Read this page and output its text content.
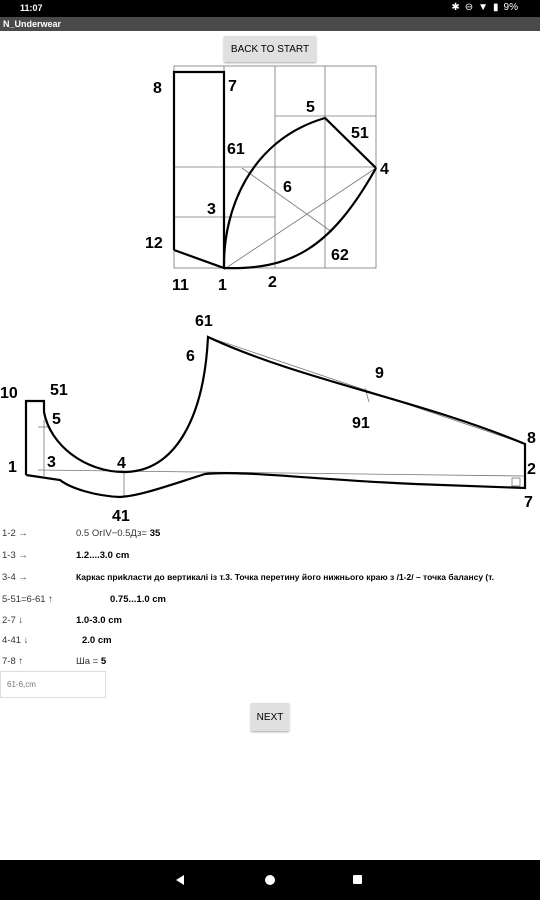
11:07	✱ ⊖ ▼ ▮ 9%
N_Underwear
BACK TO START
8	7
5
51
61
4
6
3
12
62
11 1	2
61
6
9
10 51
5	91
8
1 3	4	2
7
41
1-2 →	0.5 ОгIV−0.5Дз= 35
1-3 →	1.2....3.0 cm
3-4 →	Каркас приkласти до вертикалі із т.3. Точка перетину його нижнього краю з /1-2/ – точка балансу (т.
5-51=6-61 ↑	0.75...1.0 cm
2-7 ↓	1.0-3.0 cm
4-41 ↓	2.0 cm
7-8 ↑	Ша = 5
61-6,cm
NEXT
